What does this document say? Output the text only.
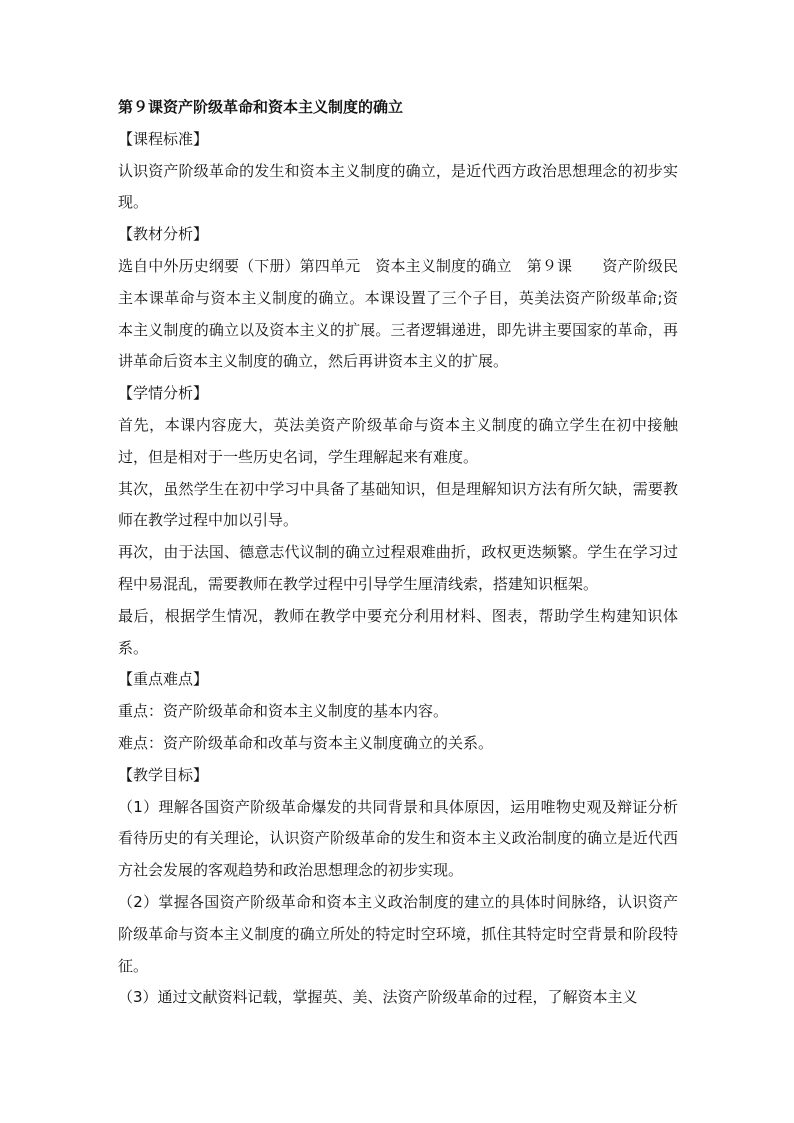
第９课资产阶级革命和资本主义制度的确立

【课程标准】

认识资产阶级革命的发生和资本主义制度的确立，是近代西方政治思想理念的初步实现。

【教材分析】

选自中外历史纲要（下册）第四单元　资本主义制度的确立　第９课　　资产阶级民主本课革命与资本主义制度的确立。本课设置了三个子目，英美法资产阶级革命;资本主义制度的确立以及资本主义的扩展。三者逻辑递进，即先讲主要国家的革命，再讲革命后资本主义制度的确立，然后再讲资本主义的扩展。

【学情分析】

首先，本课内容庞大，英法美资产阶级革命与资本主义制度的确立学生在初中接触过，但是相对于一些历史名词，学生理解起来有难度。

其次，虽然学生在初中学习中具备了基础知识，但是理解知识方法有所欠缺，需要教师在教学过程中加以引导。

再次，由于法国、德意志代议制的确立过程艰难曲折，政权更迭频繁。学生在学习过程中易混乱，需要教师在教学过程中引导学生厘清线索，搭建知识框架。

最后，根据学生情况，教师在教学中要充分利用材料、图表，帮助学生构建知识体系。

【重点难点】

重点：资产阶级革命和资本主义制度的基本内容。

难点：资产阶级革命和改革与资本主义制度确立的关系。

【教学目标】

（1）理解各国资产阶级革命爆发的共同背景和具体原因，运用唯物史观及辩证分析看待历史的有关理论，认识资产阶级革命的发生和资本主义政治制度的确立是近代西方社会发展的客观趋势和政治思想理念的初步实现。

（2）掌握各国资产阶级革命和资本主义政治制度的建立的具体时间脉络，认识资产阶级革命与资本主义制度的确立所处的特定时空环境，抓住其特定时空背景和阶段特征。

（3）通过文献资料记载，掌握英、美、法资产阶级革命的过程，了解资本主义
